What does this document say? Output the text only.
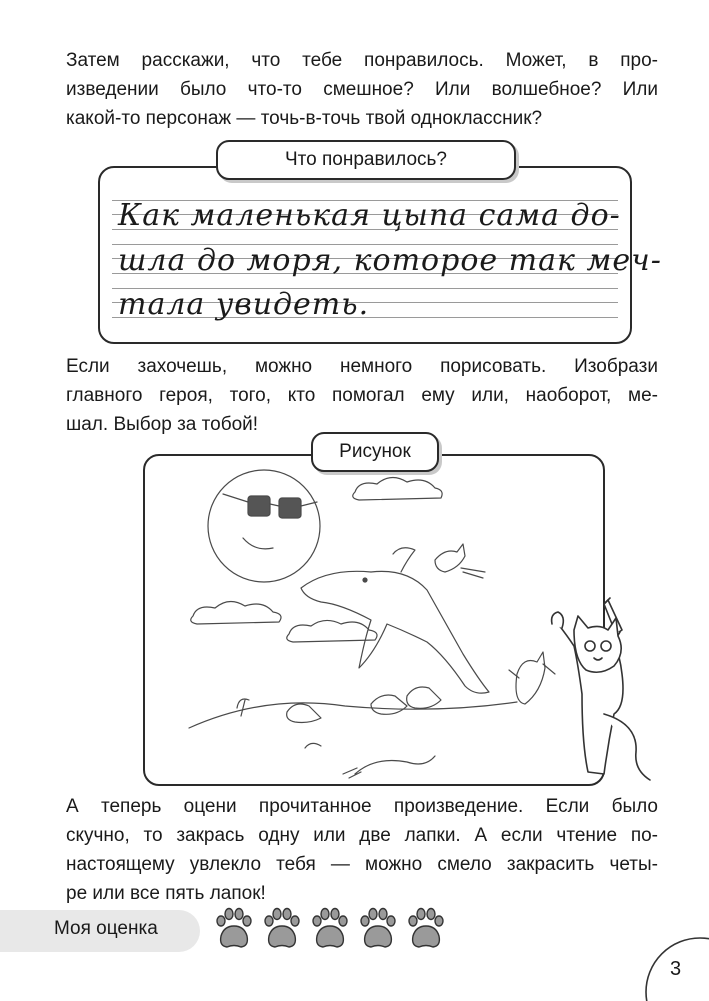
Затем расскажи, что тебе понравилось. Может, в про-
изведении было что-то смешное? Или волшебное? Или
какой-то персонаж — точь-в-точь твой одноклассник?
Что понравилось?
Как маленькая цыпа сама до-
шла до моря, которое так меч-
тала увидеть.
Если захочешь, можно немного порисовать. Изобрази
главного героя, того, кто помогал ему или, наоборот, ме-
шал. Выбор за тобой!
Рисунок
А теперь оцени прочитанное произведение. Если было
скучно, то закрась одну или две лапки. А если чтение по-
настоящему увлекло тебя — можно смело закрасить четы-
ре или все пять лапок!
Моя оценка
3
